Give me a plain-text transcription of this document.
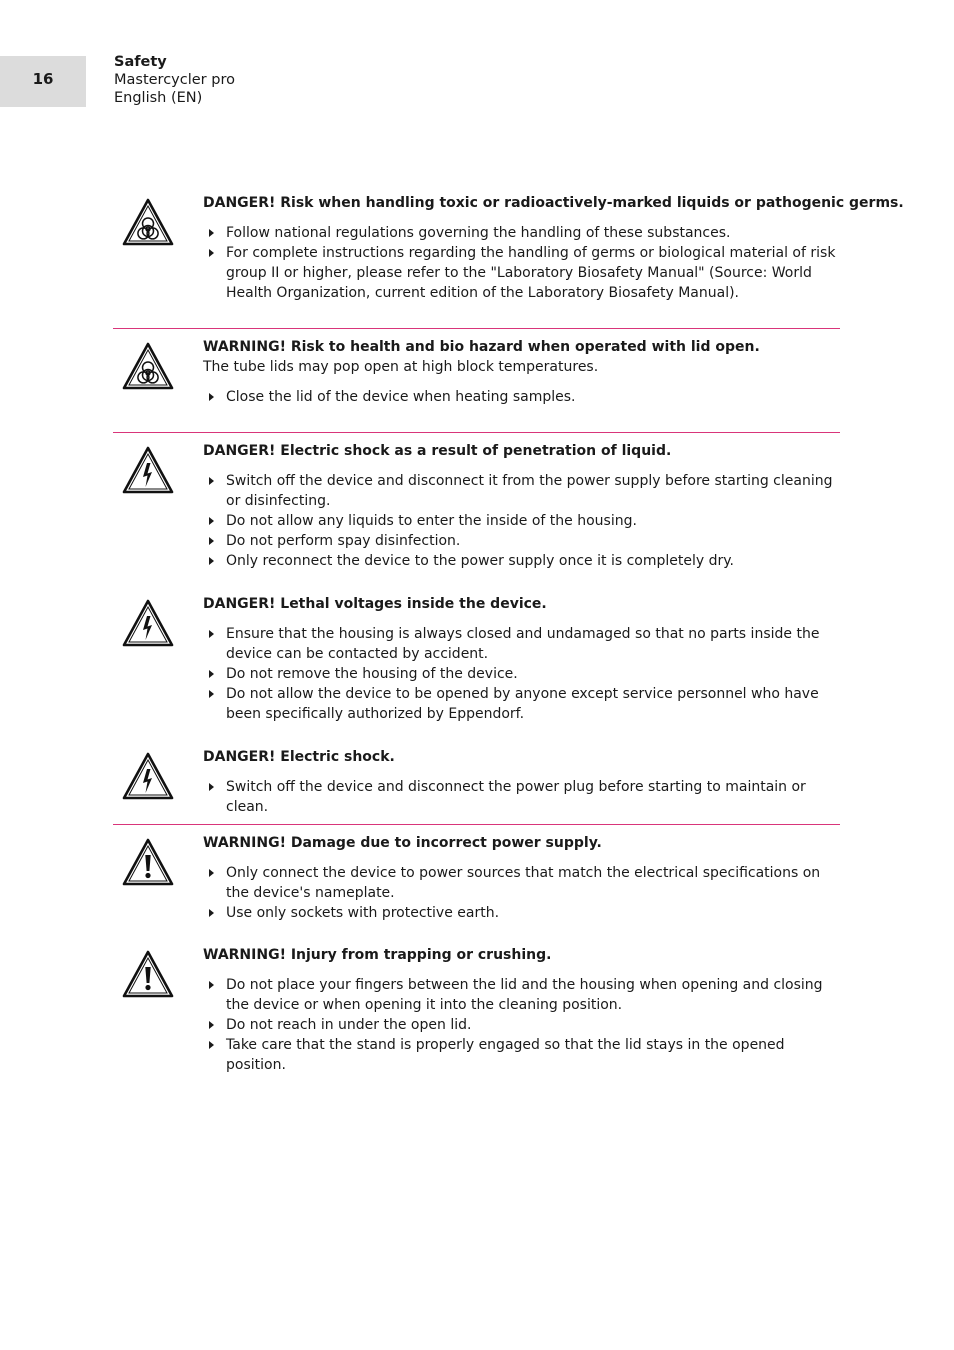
16
Safety
Mastercycler pro
English (EN)
DANGER! Risk when handling toxic or radioactively-marked liquids or pathogenic germs.
Follow national regulations governing the handling of these substances.
For complete instructions regarding the handling of germs or biological material of risk group II or higher, please refer to the "Laboratory Biosafety Manual" (Source: World Health Organization, current edition of the Laboratory Biosafety Manual).
WARNING! Risk to health and bio hazard when operated with lid open.

The tube lids may pop open at high block temperatures.

Close the lid of the device when heating samples.
DANGER! Electric shock as a result of penetration of liquid.
Switch off the device and disconnect it from the power supply before starting cleaning or disinfecting.
Do not allow any liquids to enter the inside of the housing.
Do not perform spay disinfection.
Only reconnect the device to the power supply once it is completely dry.
DANGER! Lethal voltages inside the device.
Ensure that the housing is always closed and undamaged so that no parts inside the device can be contacted by accident.
Do not remove the housing of the device.
Do not allow the device to be opened by anyone except service personnel who have been specifically authorized by Eppendorf.
DANGER! Electric shock.
Switch off the device and disconnect the power plug before starting to maintain or clean.
WARNING! Damage due to incorrect power supply.
Only connect the device to power sources that match the electrical specifications on the device's nameplate.
Use only sockets with protective earth.
WARNING! Injury from trapping or crushing.
Do not place your fingers between the lid and the housing when opening and closing the device or when opening it into the cleaning position.
Do not reach in under the open lid.
Take care that the stand is properly engaged so that the lid stays in the opened position.
